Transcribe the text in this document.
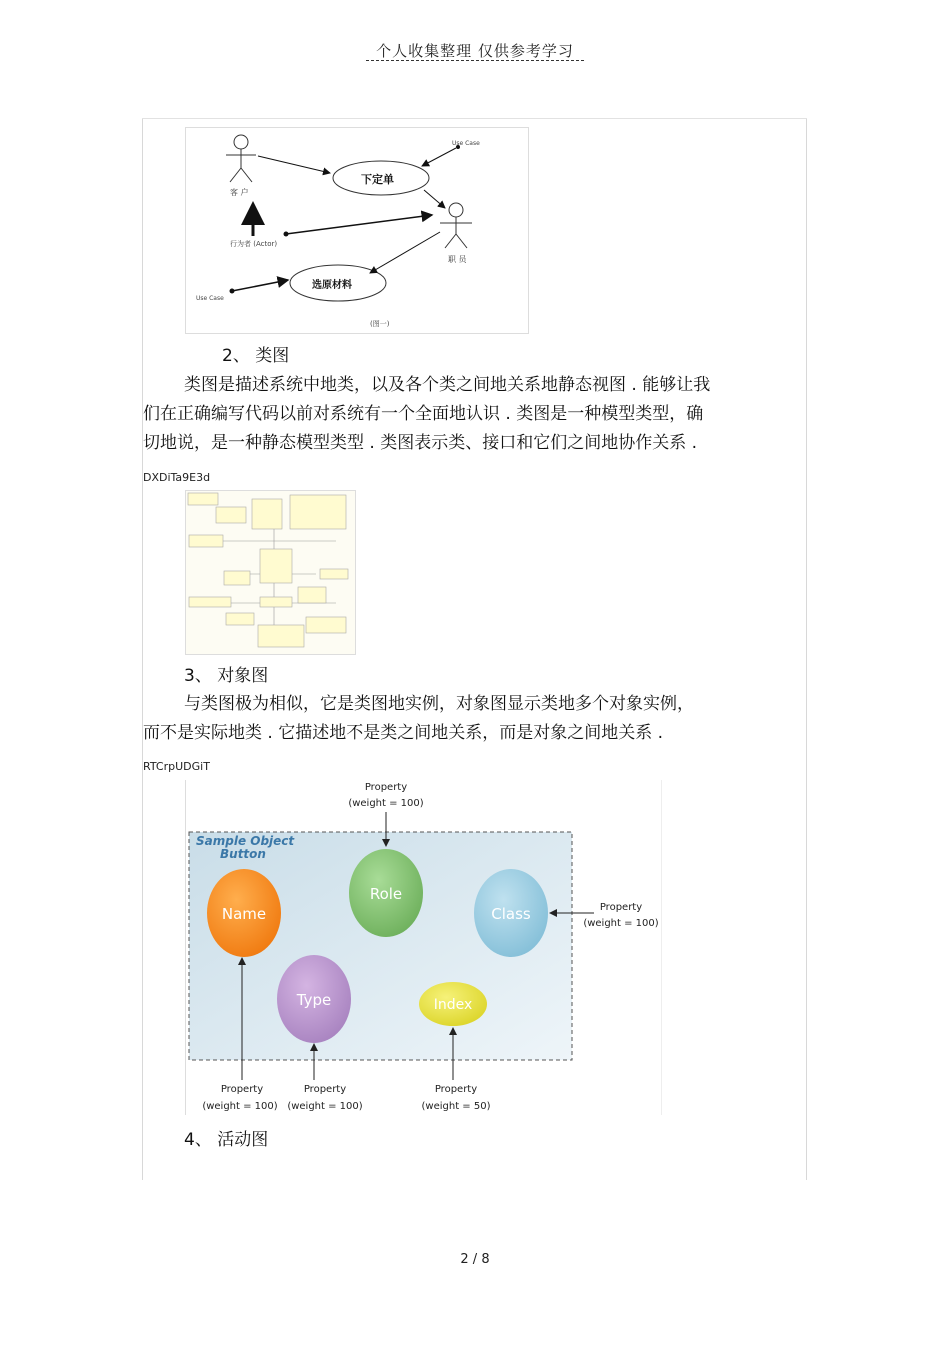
个人收集整理 仅供参考学习
客 户
职 员
下定单
选原材料
Use Case
行为者 (Actor)
Use Case
(图一)
2、 类图
类图是描述系统中地类，以及各个类之间地关系地静态视图 . 能够让我
们在正确编写代码以前对系统有一个全面地认识 . 类图是一种模型类型，确
切地说，是一种静态模型类型 . 类图表示类、接口和它们之间地协作关系 .
DXDiTa9E3d
3、 对象图
与类图极为相似，它是类图地实例，对象图显示类地多个对象实例，
而不是实际地类 . 它描述地不是类之间地关系，而是对象之间地关系 .
RTCrpUDGiT
Sample Object
Button
Property
(weight = 100)
Name
Role
Class
Type	Index
Property
(weight = 100)
Property
(weight = 100)
Property
(weight = 100)
Property
(weight = 50)
4、 活动图
2 / 8
